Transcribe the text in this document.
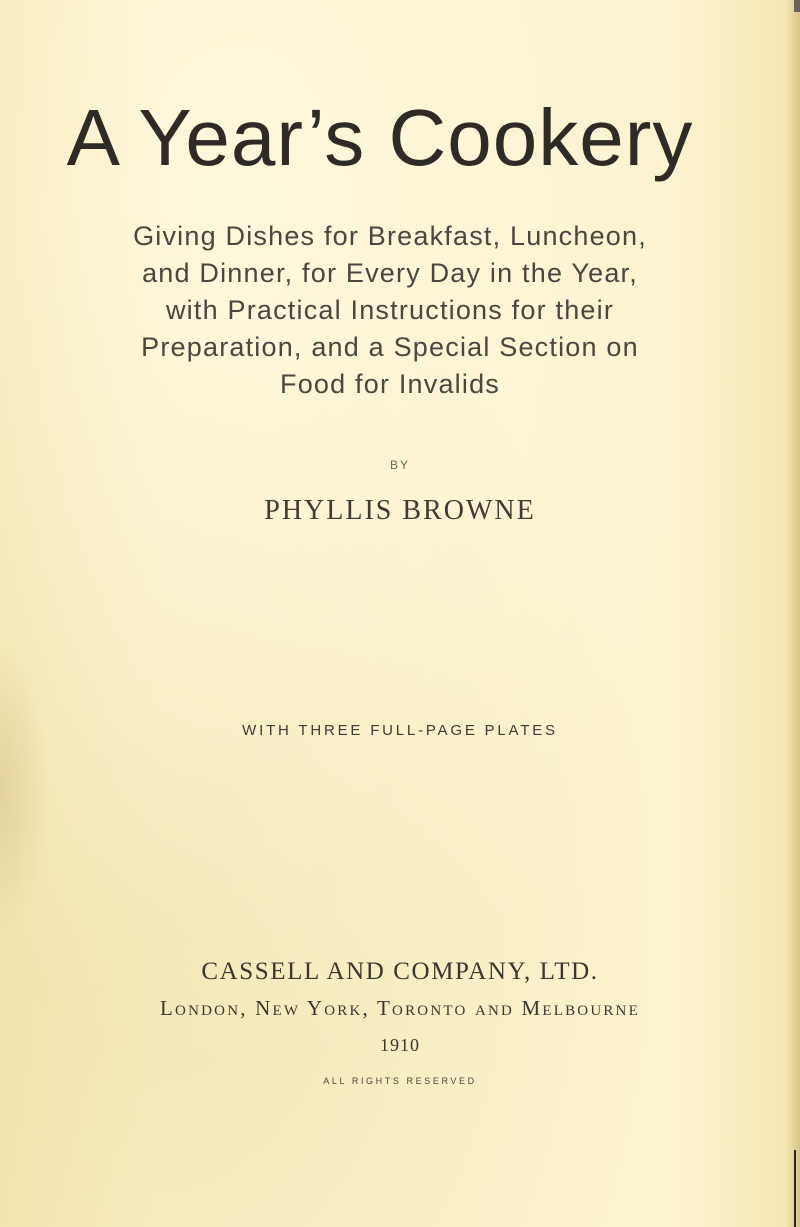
A Year’s Cookery
Giving Dishes for Breakfast, Luncheon,
and Dinner, for Every Day in the Year,
with Practical Instructions for their
Preparation, and a Special Section on
Food for Invalids
BY
PHYLLIS BROWNE
WITH THREE FULL-PAGE PLATES
CASSELL AND COMPANY, LTD.
London, New York, Toronto and Melbourne
1910
ALL RIGHTS RESERVED
